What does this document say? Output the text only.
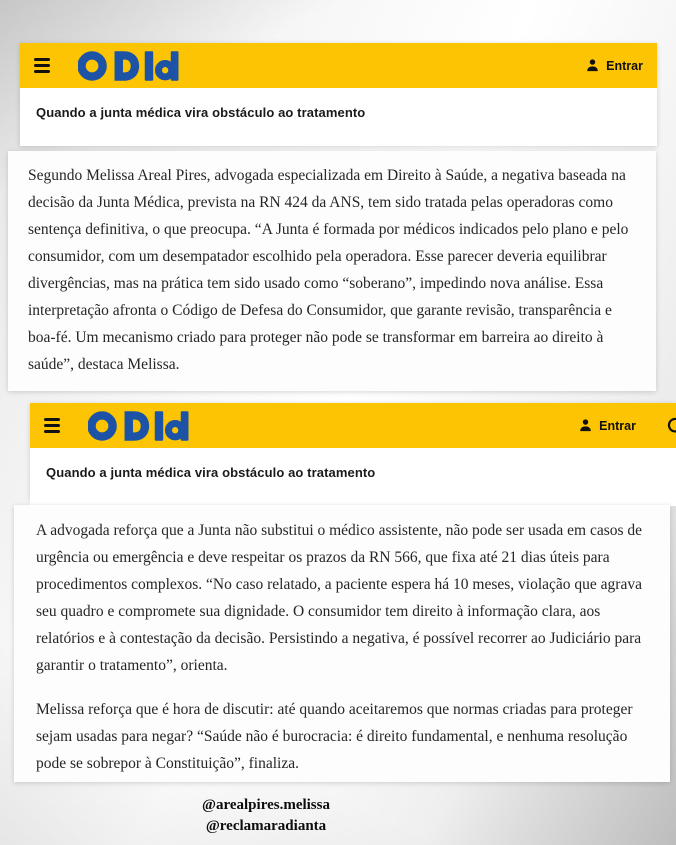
Entrar
Quando a junta médica vira obstáculo ao tratamento

Segundo Melissa Areal Pires, advogada especializada em Direito à Saúde, a negativa baseada na decisão da Junta Médica, prevista na RN 424 da ANS, tem sido tratada pelas operadoras como sentença definitiva, o que preocupa. “A Junta é formada por médicos indicados pelo plano e pelo consumidor, com um desempatador escolhido pela operadora. Esse parecer deveria equilibrar divergências, mas na prática tem sido usado como “soberano”, impedindo nova análise. Essa interpretação afronta o Código de Defesa do Consumidor, que garante revisão, transparência e boa-fé. Um mecanismo criado para proteger não pode se transformar em barreira ao direito à saúde”, destaca Melissa.

Entrar
Quando a junta médica vira obstáculo ao tratamento

A advogada reforça que a Junta não substitui o médico assistente, não pode ser usada em casos de urgência ou emergência e deve respeitar os prazos da RN 566, que fixa até 21 dias úteis para procedimentos complexos. “No caso relatado, a paciente espera há 10 meses, violação que agrava seu quadro e compromete sua dignidade. O consumidor tem direito à informação clara, aos relatórios e à contestação da decisão. Persistindo a negativa, é possível recorrer ao Judiciário para garantir o tratamento”, orienta.

Melissa reforça que é hora de discutir: até quando aceitaremos que normas criadas para proteger sejam usadas para negar? “Saúde não é burocracia: é direito fundamental, e nenhuma resolução pode se sobrepor à Constituição”, finaliza.

@arealpires.melissa
@reclamaradianta
